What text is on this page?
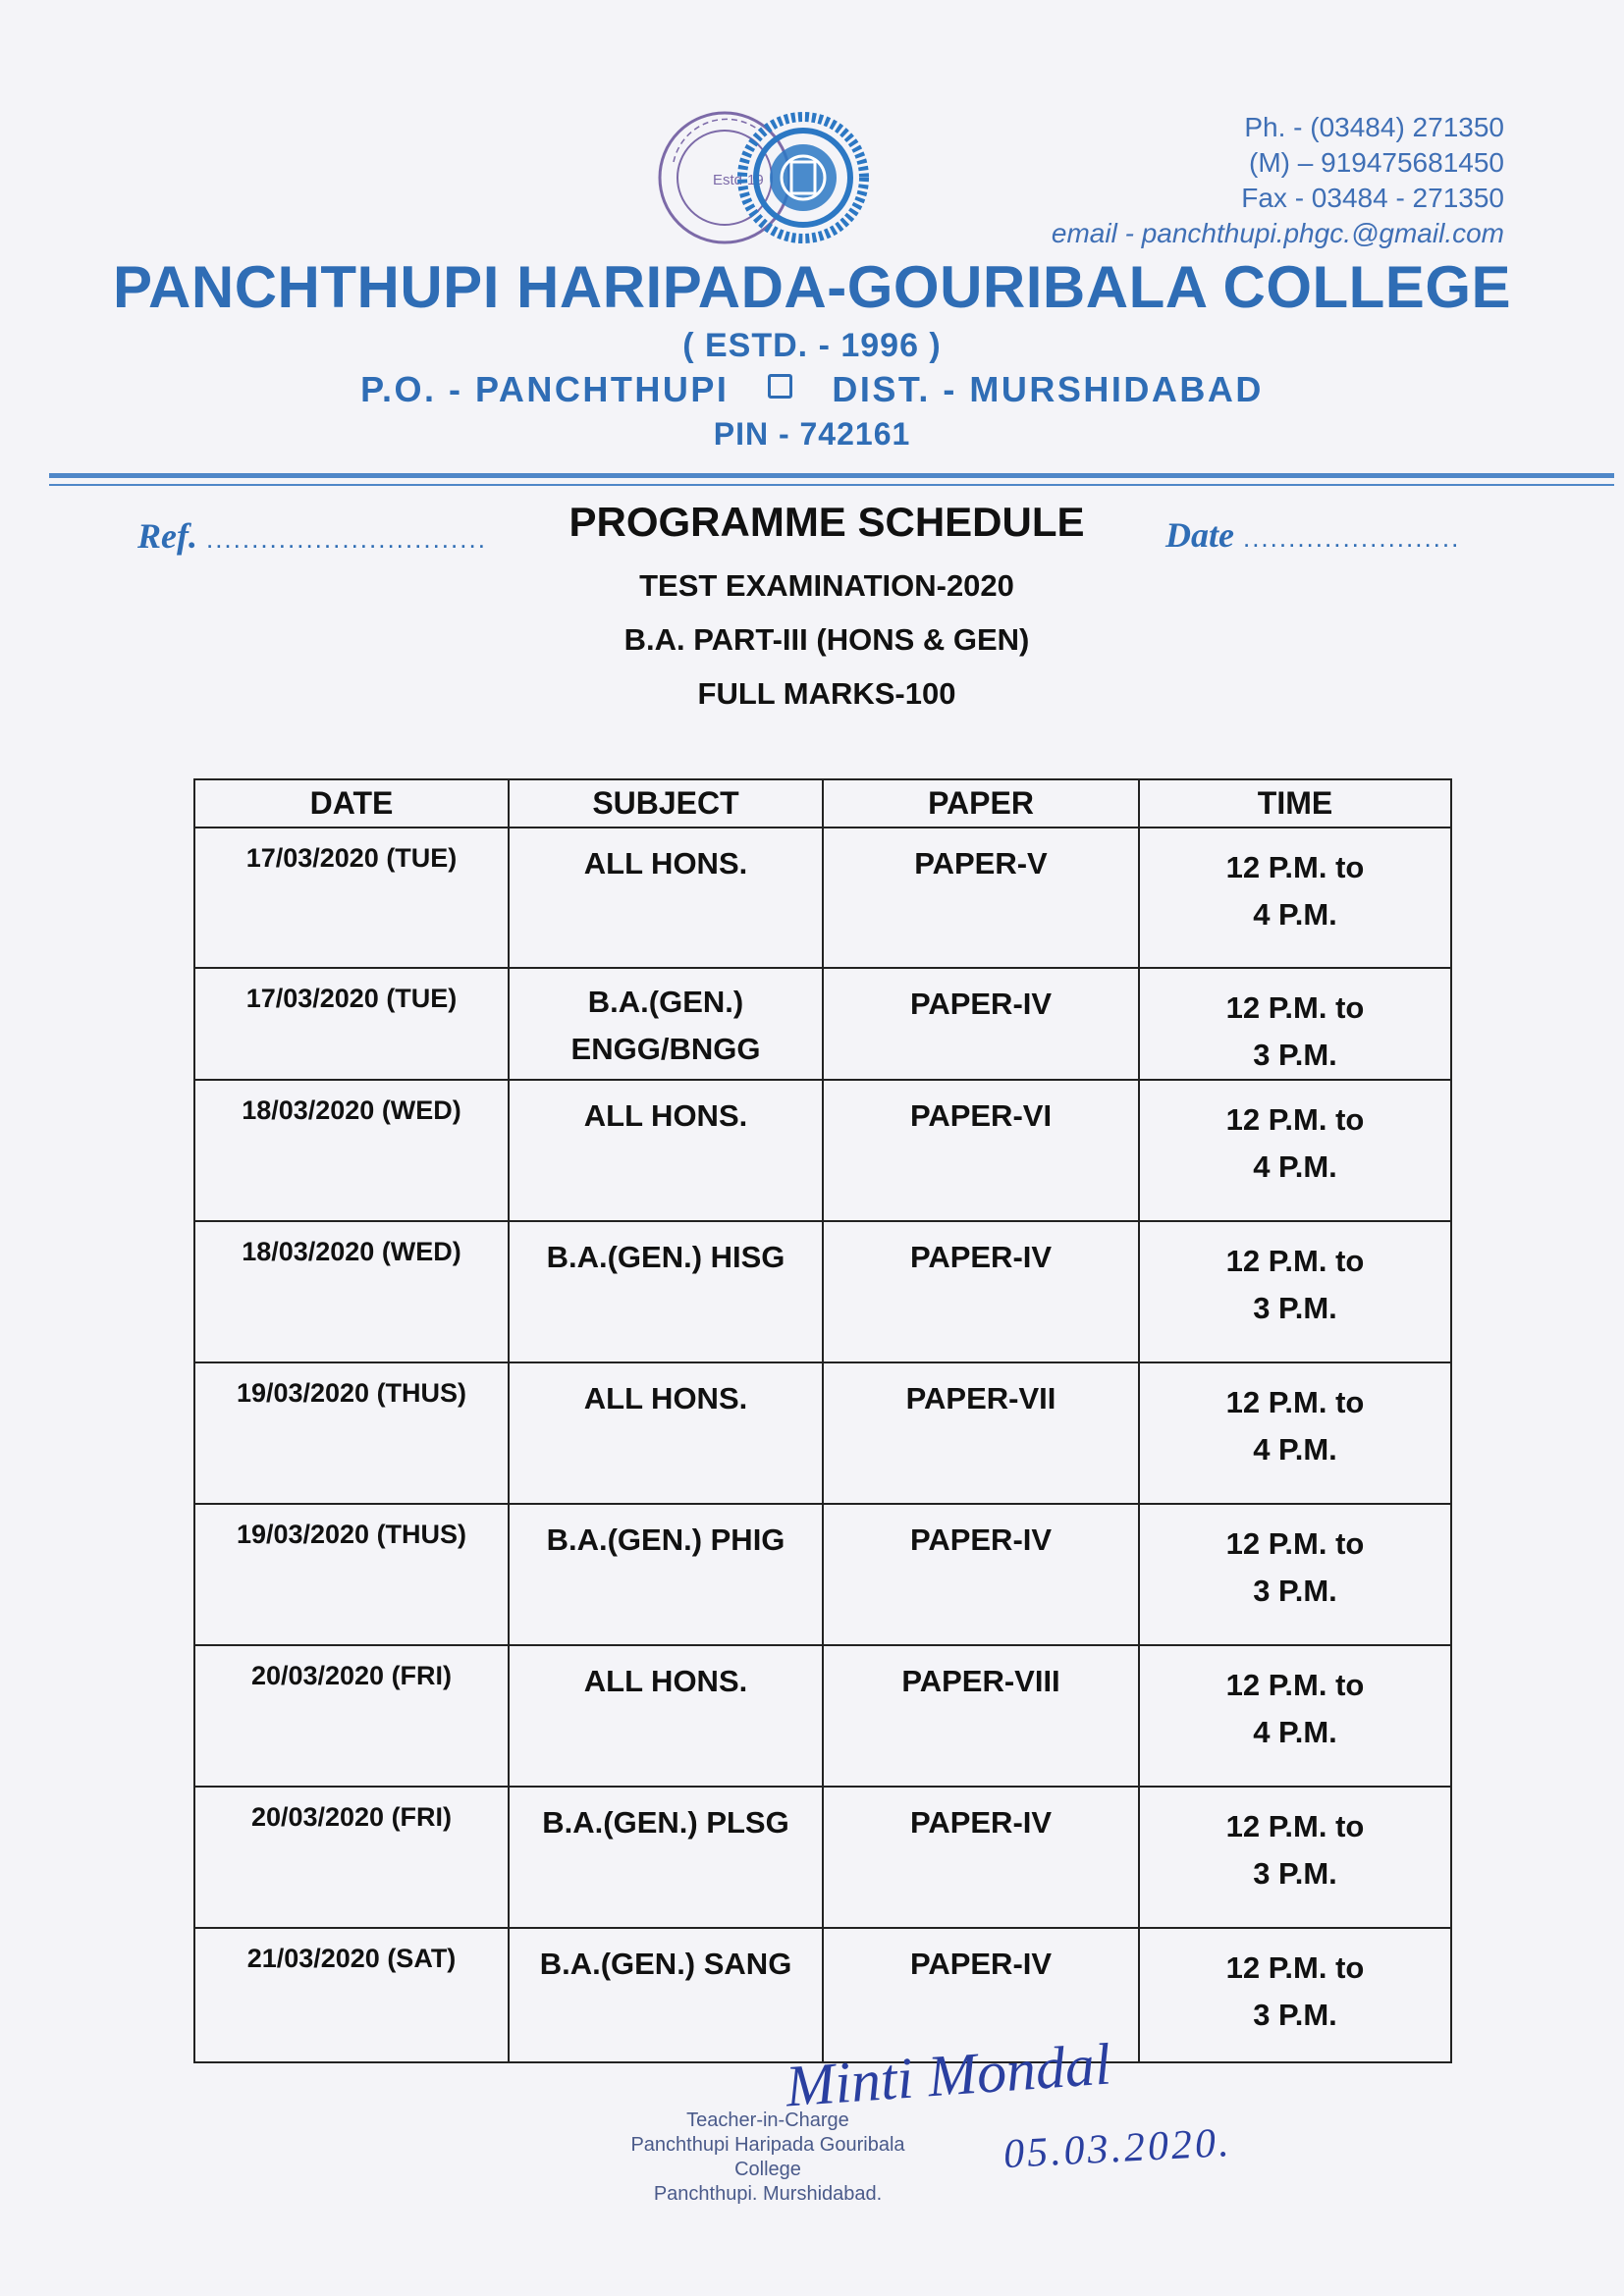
Estd-19
Ph. - (03484) 271350
(M) – 919475681450
Fax - 03484 - 271350
email - panchthupi.phgc.@gmail.com
PANCHTHUPI HARIPADA-GOURIBALA COLLEGE
( ESTD. - 1996 )
P.O. - PANCHTHUPI	DIST. - MURSHIDABAD
PIN - 742161
Ref. ...............................	Date ........................
PROGRAMME SCHEDULE
TEST EXAMINATION-2020
B.A. PART-III (HONS & GEN)
FULL MARKS-100
DATE	SUBJECT	PAPER	TIME
17/03/2020 (TUE)	ALL HONS.	PAPER-V	12 P.M. to
4 P.M.

17/03/2020 (TUE)	B.A.(GEN.) ENGG/BNGG	PAPER-IV	12 P.M. to
3 P.M.

18/03/2020 (WED)	ALL HONS.	PAPER-VI	12 P.M. to
4 P.M.

18/03/2020 (WED)	B.A.(GEN.) HISG	PAPER-IV	12 P.M. to
3 P.M.

19/03/2020 (THUS)	ALL HONS.	PAPER-VII	12 P.M. to
4 P.M.

19/03/2020 (THUS)	B.A.(GEN.) PHIG	PAPER-IV	12 P.M. to
3 P.M.

20/03/2020 (FRI)	ALL HONS.	PAPER-VIII	12 P.M. to
4 P.M.

20/03/2020 (FRI)	B.A.(GEN.) PLSG	PAPER-IV	12 P.M. to
3 P.M.

21/03/2020 (SAT)	B.A.(GEN.) SANG	PAPER-IV	12 P.M. to
3 P.M.
Minti Mondal
05.03.2020.
Teacher-in-Charge
Panchthupi Haripada Gouribala College
Panchthupi. Murshidabad.
